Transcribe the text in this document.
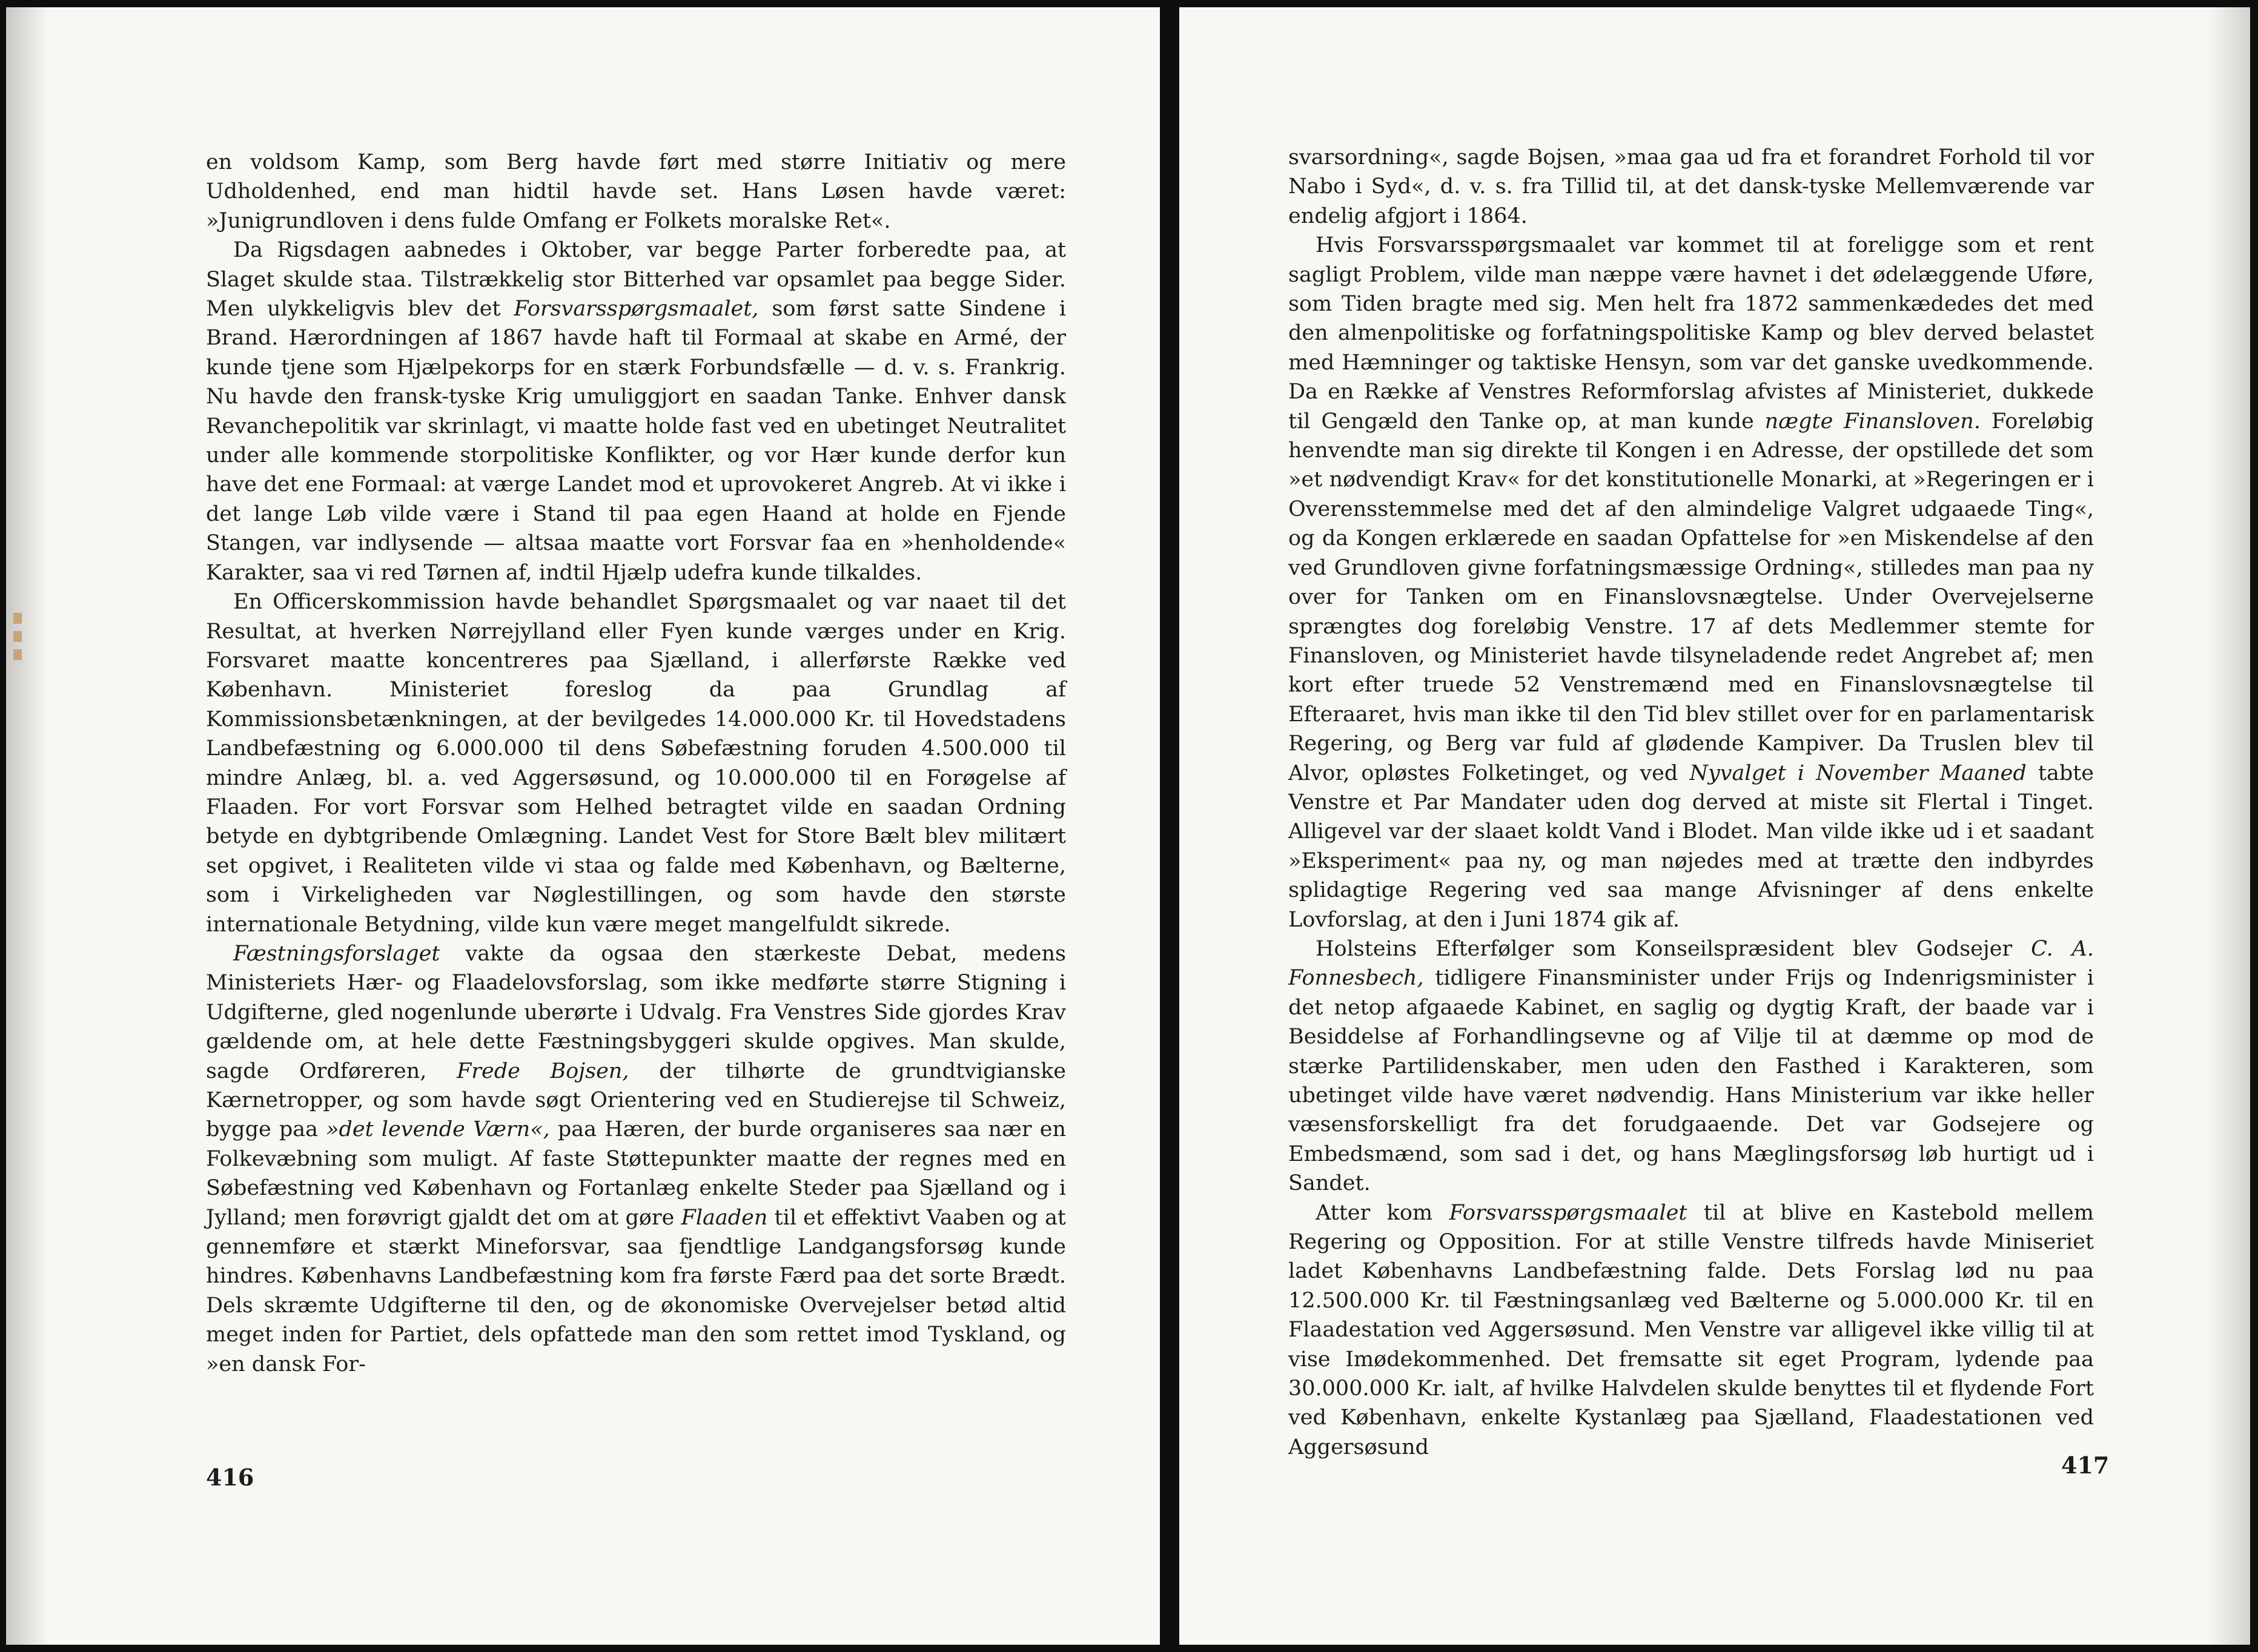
en voldsom Kamp, som Berg havde ført med større Initiativ og mere Udholdenhed, end man hidtil havde set. Hans Løsen havde været: »Junigrundloven i dens fulde Omfang er Folkets moralske Ret«.

Da Rigsdagen aabnedes i Oktober, var begge Parter forberedte paa, at Slaget skulde staa. Tilstrækkelig stor Bitterhed var opsamlet paa begge Sider. Men ulykkeligvis blev det Forsvarsspørgsmaalet, som først satte Sindene i Brand. Hærordningen af 1867 havde haft til Formaal at skabe en Armé, der kunde tjene som Hjælpekorps for en stærk Forbundsfælle — d. v. s. Frankrig. Nu havde den fransk-tyske Krig umuliggjort en saadan Tanke. Enhver dansk Revanchepolitik var skrinlagt, vi maatte holde fast ved en ubetinget Neutralitet under alle kommende storpolitiske Konflikter, og vor Hær kunde derfor kun have det ene Formaal: at værge Landet mod et uprovokeret Angreb. At vi ikke i det lange Løb vilde være i Stand til paa egen Haand at holde en Fjende Stangen, var indlysende — altsaa maatte vort Forsvar faa en »henholdende« Karakter, saa vi red Tørnen af, indtil Hjælp udefra kunde tilkaldes.

En Officerskommission havde behandlet Spørgsmaalet og var naaet til det Resultat, at hverken Nørrejylland eller Fyen kunde værges under en Krig. Forsvaret maatte koncentreres paa Sjælland, i allerførste Række ved København. Ministeriet foreslog da paa Grundlag af Kommissionsbetænkningen, at der bevilgedes 14.000.000 Kr. til Hovedstadens Landbefæstning og 6.000.000 til dens Søbefæstning foruden 4.500.000 til mindre Anlæg, bl. a. ved Aggersøsund, og 10.000.000 til en Forøgelse af Flaaden. For vort Forsvar som Helhed betragtet vilde en saadan Ordning betyde en dybtgribende Omlægning. Landet Vest for Store Bælt blev militært set opgivet, i Realiteten vilde vi staa og falde med København, og Bælterne, som i Virkeligheden var Nøglestillingen, og som havde den største internationale Betydning, vilde kun være meget mangelfuldt sikrede.

Fæstningsforslaget vakte da ogsaa den stærkeste Debat, medens Ministeriets Hær- og Flaadelovsforslag, som ikke medførte større Stigning i Udgifterne, gled nogenlunde uberørte i Udvalg. Fra Venstres Side gjordes Krav gældende om, at hele dette Fæstningsbyggeri skulde opgives. Man skulde, sagde Ordføreren, Frede Bojsen, der tilhørte de grundtvigianske Kærnetropper, og som havde søgt Orientering ved en Studierejse til Schweiz, bygge paa »det levende Værn«, paa Hæren, der burde organiseres saa nær en Folkevæbning som muligt. Af faste Støttepunkter maatte der regnes med en Søbefæstning ved København og Fortanlæg enkelte Steder paa Sjælland og i Jylland; men forøvrigt gjaldt det om at gøre Flaaden til et effektivt Vaaben og at gennemføre et stærkt Mineforsvar, saa fjendtlige Landgangsforsøg kunde hindres. Københavns Landbefæstning kom fra første Færd paa det sorte Brædt. Dels skræmte Udgifterne til den, og de økonomiske Overvejelser betød altid meget inden for Partiet, dels opfattede man den som rettet imod Tyskland, og »en dansk For-

416

svarsordning«, sagde Bojsen, »maa gaa ud fra et forandret Forhold til vor Nabo i Syd«, d. v. s. fra Tillid til, at det dansk-tyske Mellemværende var endelig afgjort i 1864.

Hvis Forsvarsspørgsmaalet var kommet til at foreligge som et rent sagligt Problem, vilde man næppe være havnet i det ødelæggende Uføre, som Tiden bragte med sig. Men helt fra 1872 sammenkædedes det med den almenpolitiske og forfatningspolitiske Kamp og blev derved belastet med Hæmninger og taktiske Hensyn, som var det ganske uvedkommende. Da en Række af Venstres Reformforslag afvistes af Ministeriet, dukkede til Gengæld den Tanke op, at man kunde nægte Finansloven. Foreløbig henvendte man sig direkte til Kongen i en Adresse, der opstillede det som »et nødvendigt Krav« for det konstitutionelle Monarki, at »Regeringen er i Overensstemmelse med det af den almindelige Valgret udgaaede Ting«, og da Kongen erklærede en saadan Opfattelse for »en Miskendelse af den ved Grundloven givne forfatningsmæssige Ordning«, stilledes man paa ny over for Tanken om en Finanslovsnægtelse. Under Overvejelserne sprængtes dog foreløbig Venstre. 17 af dets Medlemmer stemte for Finansloven, og Ministeriet havde tilsyneladende redet Angrebet af; men kort efter truede 52 Venstremænd med en Finanslovsnægtelse til Efteraaret, hvis man ikke til den Tid blev stillet over for en parlamentarisk Regering, og Berg var fuld af glødende Kampiver. Da Truslen blev til Alvor, opløstes Folketinget, og ved Nyvalget i November Maaned tabte Venstre et Par Mandater uden dog derved at miste sit Flertal i Tinget. Alligevel var der slaaet koldt Vand i Blodet. Man vilde ikke ud i et saadant »Eksperiment« paa ny, og man nøjedes med at trætte den indbyrdes splidagtige Regering ved saa mange Afvisninger af dens enkelte Lovforslag, at den i Juni 1874 gik af.

Holsteins Efterfølger som Konseilspræsident blev Godsejer C. A. Fonnesbech, tidligere Finansminister under Frijs og Indenrigsminister i det netop afgaaede Kabinet, en saglig og dygtig Kraft, der baade var i Besiddelse af Forhandlingsevne og af Vilje til at dæmme op mod de stærke Partilidenskaber, men uden den Fasthed i Karakteren, som ubetinget vilde have været nødvendig. Hans Ministerium var ikke heller væsensforskelligt fra det forudgaaende. Det var Godsejere og Embedsmænd, som sad i det, og hans Mæglingsforsøg løb hurtigt ud i Sandet.

Atter kom Forsvarsspørgsmaalet til at blive en Kastebold mellem Regering og Opposition. For at stille Venstre tilfreds havde Miniseriet ladet Københavns Landbefæstning falde. Dets Forslag lød nu paa 12.500.000 Kr. til Fæstningsanlæg ved Bælterne og 5.000.000 Kr. til en Flaadestation ved Aggersøsund. Men Venstre var alligevel ikke villig til at vise Imødekommenhed. Det fremsatte sit eget Program, lydende paa 30.000.000 Kr. ialt, af hvilke Halvdelen skulde benyttes til et flydende Fort ved København, enkelte Kystanlæg paa Sjælland, Flaadestationen ved Aggersøsund

417
